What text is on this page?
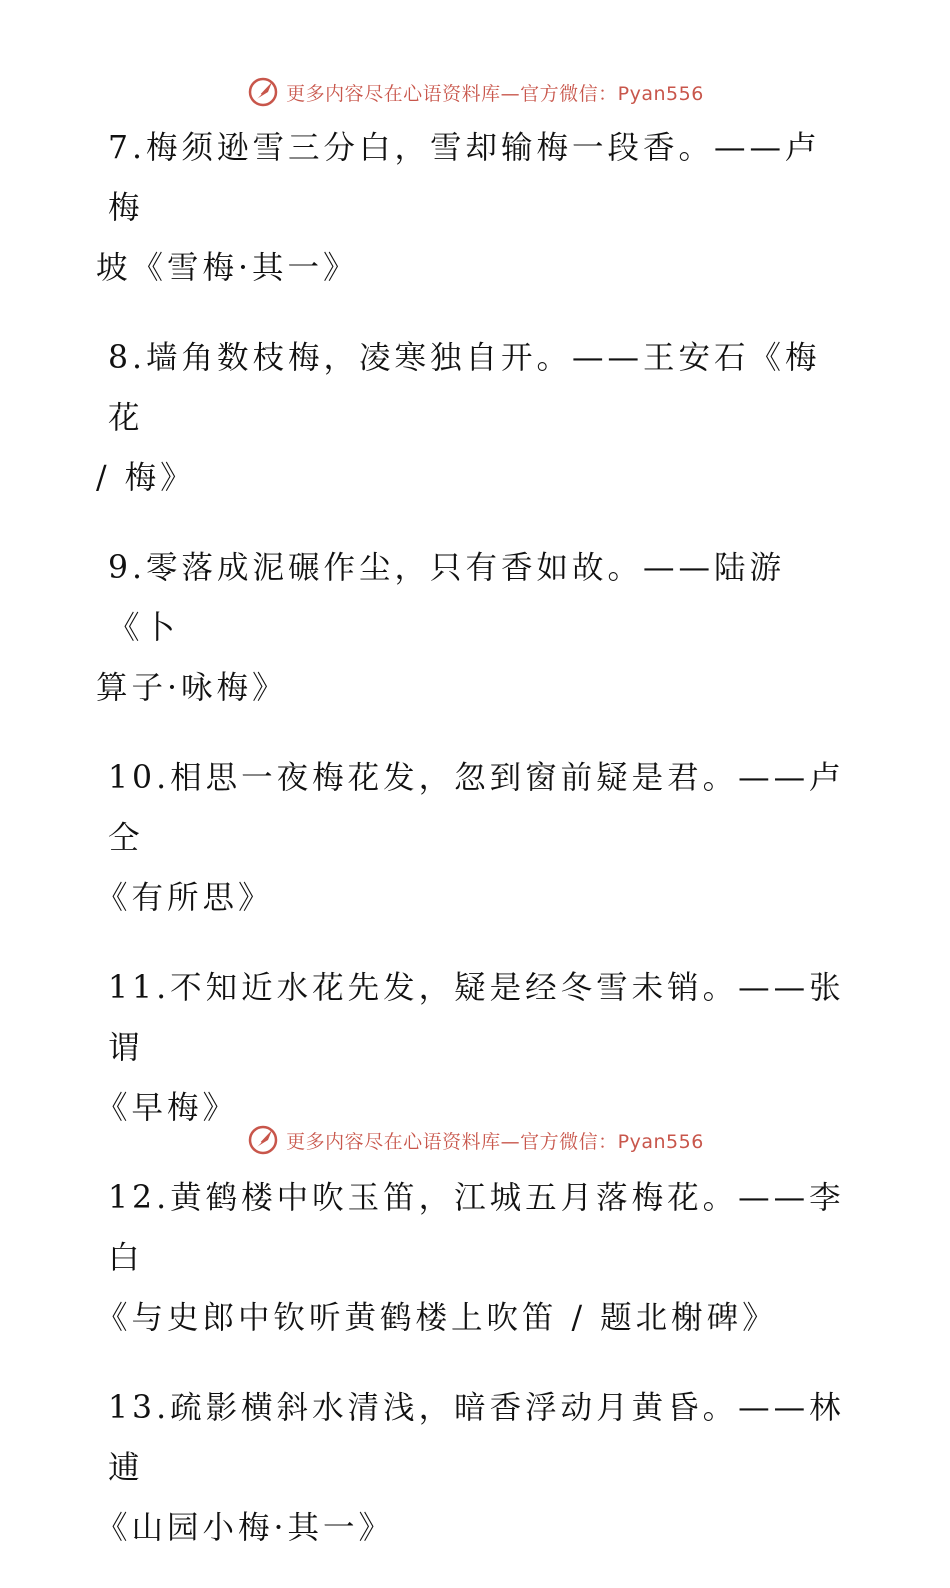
更多内容尽在心语资料库—官方微信：Pyan556

7.梅须逊雪三分白，雪却输梅一段香。——卢梅
坡《雪梅·其一》

8.墙角数枝梅，凌寒独自开。——王安石《梅花
/ 梅》

9.零落成泥碾作尘，只有香如故。——陆游《卜
算子·咏梅》

10.相思一夜梅花发，忽到窗前疑是君。——卢仝
《有所思》

11.不知近水花先发，疑是经冬雪未销。——张谓
《早梅》

12.黄鹤楼中吹玉笛，江城五月落梅花。——李白
《与史郎中钦听黄鹤楼上吹笛 / 题北榭碑》

13.疏影横斜水清浅，暗香浮动月黄昏。——林逋
《山园小梅·其一》

更多内容尽在心语资料库—官方微信：Pyan556
